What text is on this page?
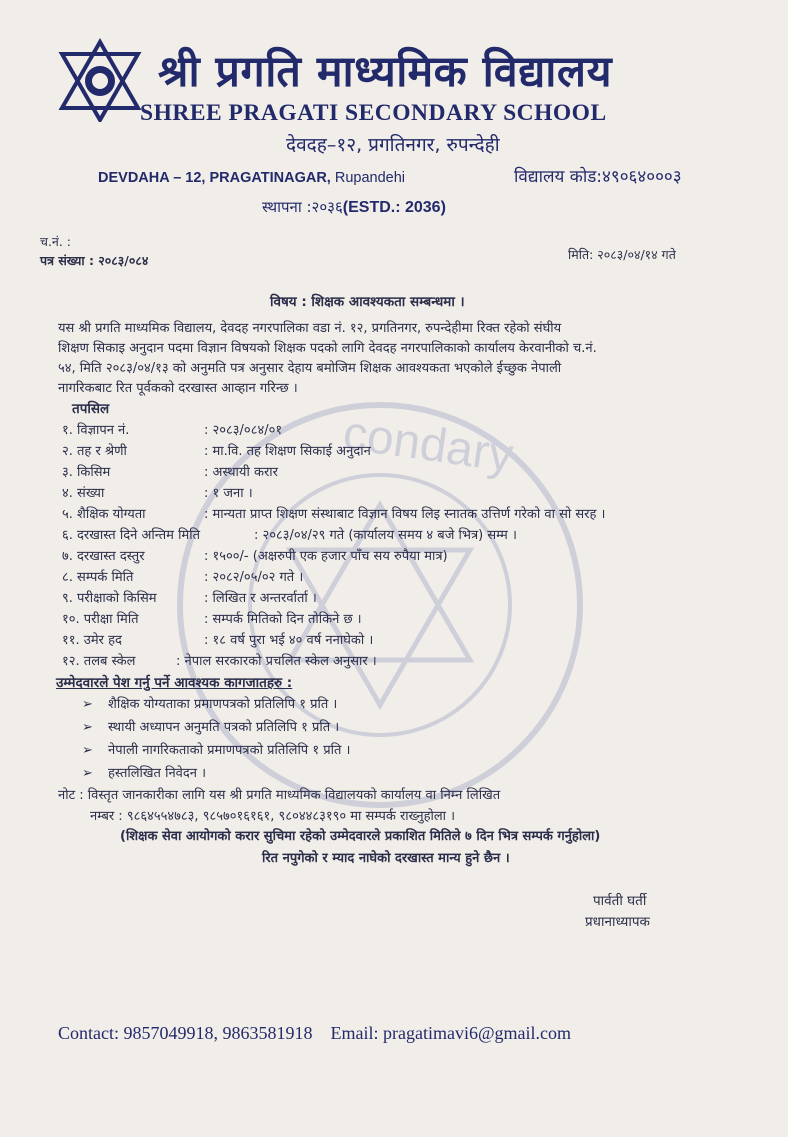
condary
श्री प्रगति माध्यमिक विद्यालय
SHREE PRAGATI SECONDARY SCHOOL
देवदह–१२, प्रगतिनगर, रुपन्देही
DEVDAHA – 12, PRAGATINAGAR, Rupandehi	विद्यालय कोड:४९०६४०००३
स्थापना :२०३६(ESTD.: 2036)
च.नं. :
पत्र संख्या : २०८३/०८४	मिति: २०८३/०४/१४ गते
विषय : शिक्षक आवश्यकता सम्बन्धमा ।
यस श्री प्रगति माध्यमिक विद्यालय, देवदह नगरपालिका वडा नं. १२, प्रगतिनगर, रुपन्देहीमा रिक्त रहेको संघीय
शिक्षण सिकाइ अनुदान पदमा विज्ञान विषयको शिक्षक पदको लागि देवदह नगरपालिकाको कार्यालय केरवानीको च.नं.
५४, मिति २०८३/०४/१३ को अनुमति पत्र अनुसार देहाय बमोजिम शिक्षक आवश्यकता भएकोले ईच्छुक नेपाली
नागरिकबाट रित पूर्वकको दरखास्त आव्हान गरिन्छ ।
तपसिल
१. विज्ञापन नं.	: २०८३/०८४/०१
२. तह र श्रेणी	: मा.वि. तह शिक्षण सिकाई अनुदान
३. किसिम	: अस्थायी करार
४. संख्या	: १ जना ।
५. शैक्षिक योग्यता	: मान्यता प्राप्त शिक्षण संस्थाबाट विज्ञान विषय लिइ स्नातक उत्तिर्ण गरेको वा सो सरह ।
६. दरखास्त दिने अन्तिम मिति	: २०८३/०४/२९ गते (कार्यालय समय ४ बजे भित्र) सम्म ।
७. दरखास्त दस्तुर	: १५००/- (अक्षरुपी एक हजार पाँच सय रुपैया मात्र)
८. सम्पर्क मिति	: २०८२/०५/०२ गते ।
९. परीक्षाको किसिम	: लिखित र अन्तरर्वार्ता ।
१०. परीक्षा मिति	: सम्पर्क मितिको दिन तोकिने छ ।
११. उमेर हद	: १८ वर्ष पुरा भई ४० वर्ष ननाघेको ।
१२. तलब स्केल	: नेपाल सरकारको प्रचलित स्केल अनुसार ।
उम्मेदवारले पेश गर्नु पर्ने आवश्यक कागजातहरु :
➢ शैक्षिक योग्यताका प्रमाणपत्रको प्रतिलिपि १ प्रति ।
➢ स्थायी अध्यापन अनुमति पत्रको प्रतिलिपि १ प्रति ।
➢ नेपाली नागरिकताको प्रमाणपत्रको प्रतिलिपि १ प्रति ।
➢ हस्तलिखित निवेदन ।
नोट : विस्तृत जानकारीका लागि यस श्री प्रगति माध्यमिक विद्यालयको कार्यालय वा निम्न लिखित
नम्बर : ९८६४५५४७८३, ९८५७०१६१६१, ९८०४४८३१९० मा सम्पर्क राख्नुहोला ।
(शिक्षक सेवा आयोगको करार सुचिमा रहेको उम्मेदवारले प्रकाशित मितिले ७ दिन भित्र सम्पर्क गर्नुहोला)
रित नपुगेको र म्याद नाघेको दरखास्त मान्य हुने छैन ।
पार्वती घर्ती
प्रधानाध्यापक
Contact: 9857049918, 9863581918 Email: pragatimavi6@gmail.com
